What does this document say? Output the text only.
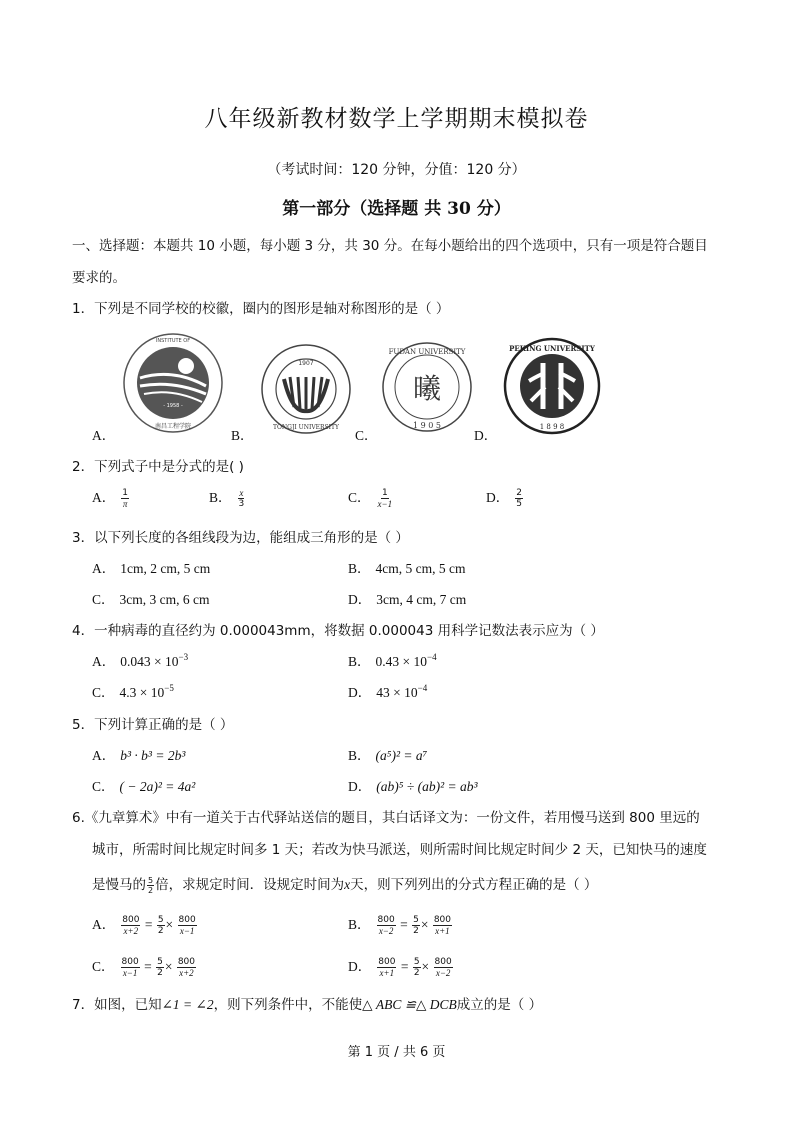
八年级新教材数学上学期期末模拟卷
（考试时间：120 分钟，分值：120 分）
第一部分（选择题 共 30 分）
一、选择题：本题共 10 小题，每小题 3 分，共 30 分。在每小题给出的四个选项中，只有一项是符合题目
要求的。
1．下列是不同学校的校徽，圈内的图形是轴对称图形的是（ ）
- 1958 -
INSTITUTE OF
南昌工程学院
A．
1907
TONGJI UNIVERSITY
B．
FUDAN UNIVERSITY
曦
1 9 0 5
C．
PEKING UNIVERSITY
1 8 9 8
D．
2．下列式子中是分式的是( )
A． $\frac{1}{\pi}$	B． $\frac{x}{3}$	C． $\frac{1}{x-1}$	D． $\frac{2}{5}$
3．以下列长度的各组线段为边，能组成三角形的是（ ）
A． 1cm, 2 cm, 5 cm	B． 4cm, 5 cm, 5 cm
C． 3cm, 3 cm, 6 cm	D． 3cm, 4 cm, 7 cm
4．一种病毒的直径约为 0.000043mm，将数据 0.000043 用科学记数法表示应为（ ）
A． $0.043 \times 10^{-3}$	B． $0.43 \times 10^{-4}$
C． $4.3 \times 10^{-5}$	D． $43 \times 10^{-4}$
5．下列计算正确的是（ ）
A． b³ · b³ = 2b³	B． (a⁵)² = a⁷
C． ( − 2a)² = 4a²	D． (ab)⁵ ÷ (ab)² = ab³
6.《九章算术》中有一道关于古代驿站送信的题目，其白话译文为：一份文件，若用慢马送到 800 里远的
城市，所需时间比规定时间多 1 天；若改为快马派送，则所需时间比规定时间少 2 天，已知快马的速度
是慢马的 $\frac{5}{2}$ 倍，求规定时间．设规定时间为x天，则下列列出的分式方程正确的是（ ）
A． $\frac{800}{x+2} = \frac{5}{2} \times \frac{800}{x-1}$	B． $\frac{800}{x-2} = \frac{5}{2} \times \frac{800}{x+1}$
C． $\frac{800}{x-1} = \frac{5}{2} \times \frac{800}{x+2}$	D． $\frac{800}{x+1} = \frac{5}{2} \times \frac{800}{x-2}$
7．如图，已知∠1 = ∠2，则下列条件中，不能使△ ABC ≌△ DCB成立的是（ ）
第 1 页 / 共 6 页
